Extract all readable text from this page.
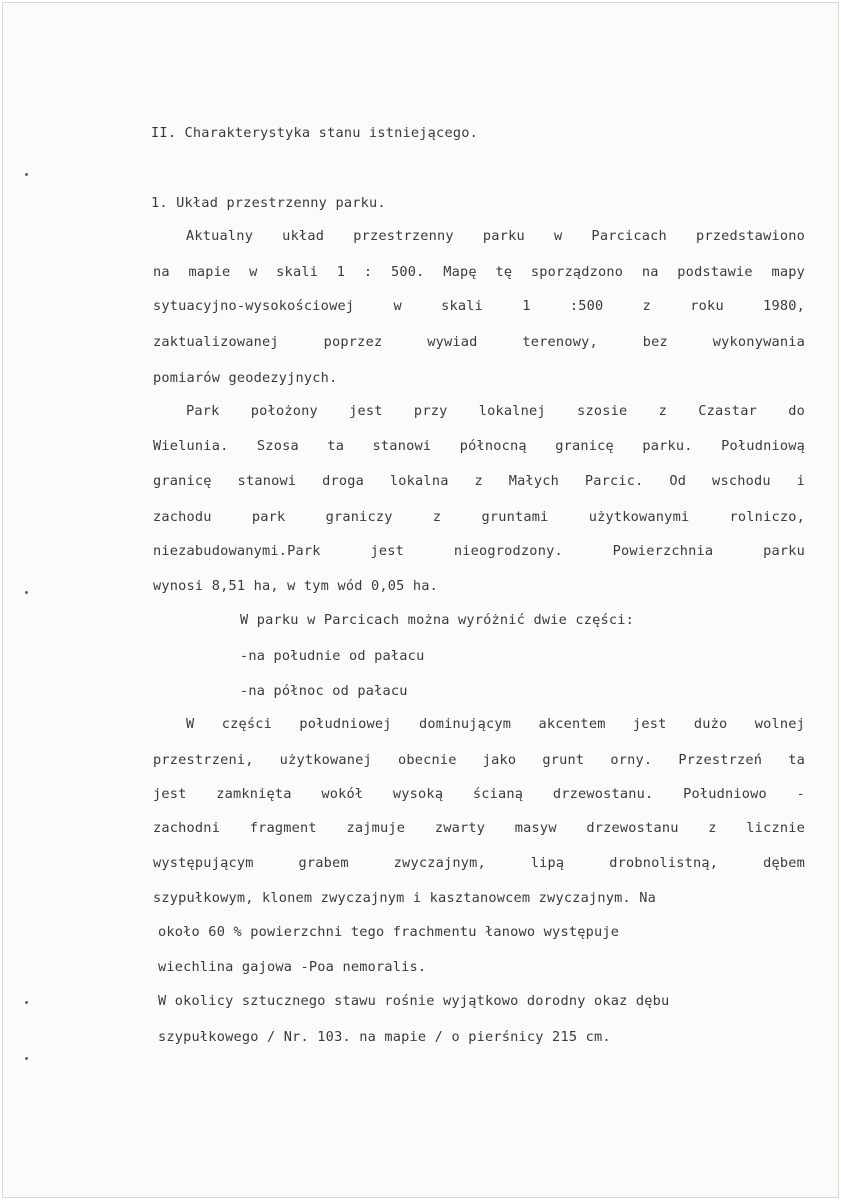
II. Charakterystyka stanu istniejącego.
1. Układ przestrzenny parku.
Aktualny układ przestrzenny parku w Parcicach przedstawiono
na mapie w skali 1 : 500. Mapę tę sporządzono na podstawie mapy
sytuacyjno-wysokościowej w skali 1 :500 z roku 1980,
zaktualizowanej poprzez wywiad terenowy, bez wykonywania
pomiarów geodezyjnych.
Park położony jest przy lokalnej szosie z Czastar do
Wielunia. Szosa ta stanowi północną granicę parku. Południową
granicę stanowi droga lokalna z Małych Parcic. Od wschodu i
zachodu park graniczy z gruntami użytkowanymi rolniczo,
niezabudowanymi.Park jest nieogrodzony. Powierzchnia parku
wynosi 8,51 ha, w tym wód 0,05 ha.
W parku w Parcicach można wyróżnić dwie części:
-na południe od pałacu
-na północ od pałacu
W części południowej dominującym akcentem jest dużo wolnej
przestrzeni, użytkowanej obecnie jako grunt orny. Przestrzeń ta
jest zamknięta wokół wysoką ścianą drzewostanu. Południowo -
zachodni fragment zajmuje zwarty masyw drzewostanu z licznie
występującym grabem zwyczajnym, lipą drobnolistną, dębem
szypułkowym, klonem zwyczajnym i kasztanowcem zwyczajnym. Na
około 60 % powierzchni tego frachmentu łanowo występuje
wiechlina gajowa -Poa nemoralis.
W okolicy sztucznego stawu rośnie wyjątkowo dorodny okaz dębu
szypułkowego / Nr. 103. na mapie / o pierśnicy 215 cm.
